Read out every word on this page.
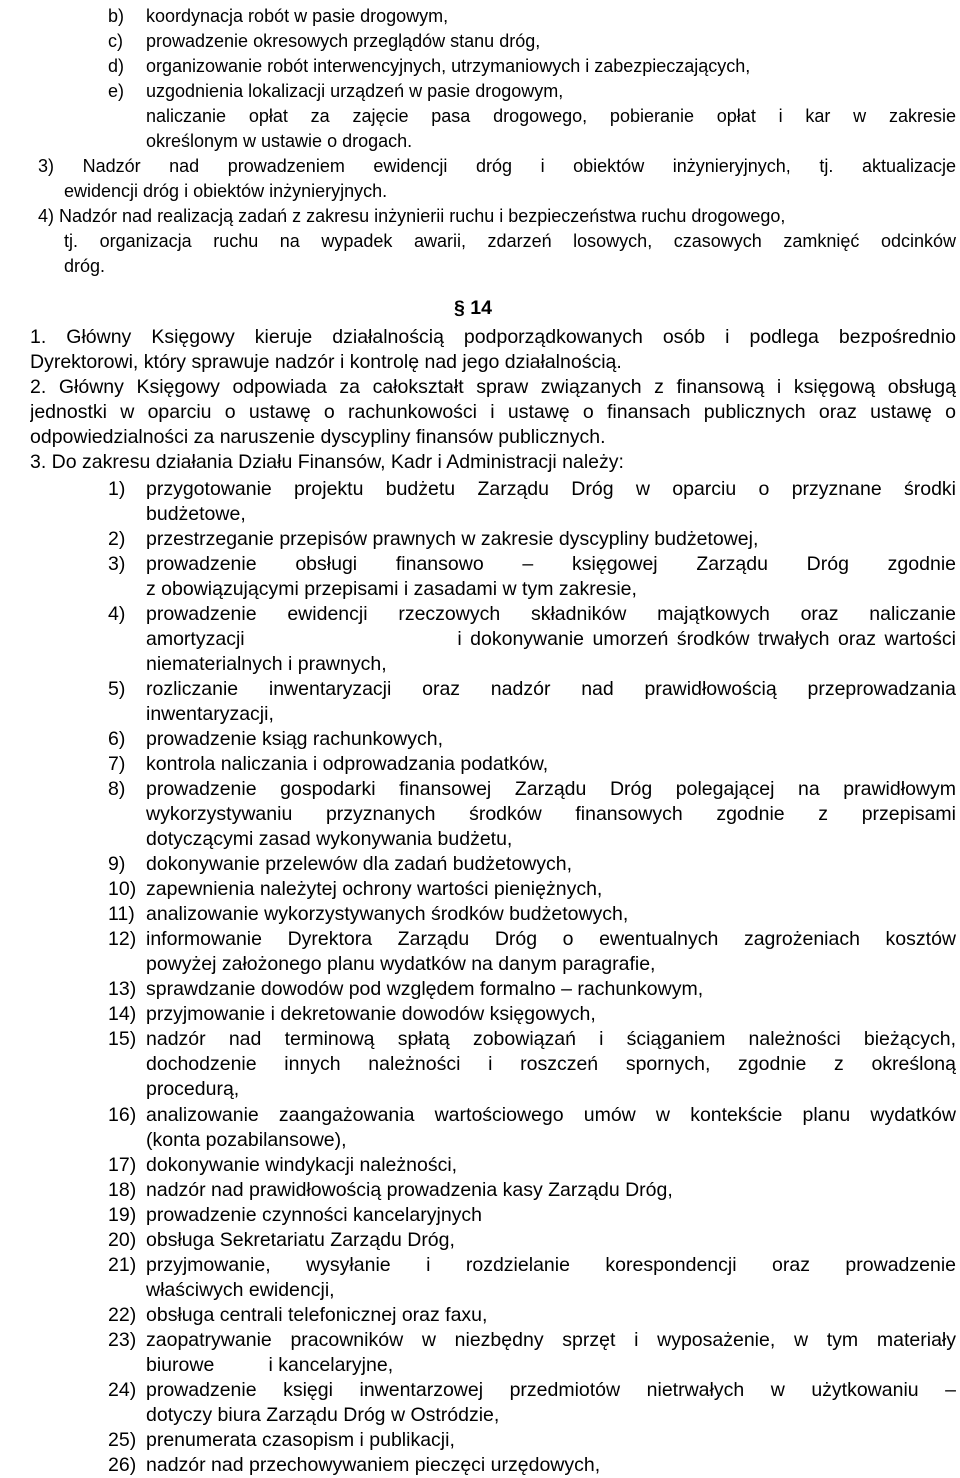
b) koordynacja robót w pasie drogowym,
c) prowadzenie okresowych przeglądów stanu dróg,
d) organizowanie robót interwencyjnych, utrzymaniowych i zabezpieczających,
e) uzgodnienia lokalizacji urządzeń w pasie drogowym,
naliczanie opłat za zajęcie pasa drogowego, pobieranie opłat i kar w zakresie
określonym w ustawie o drogach.
3) Nadzór nad prowadzeniem ewidencji dróg i obiektów inżynieryjnych, tj. aktualizacje
ewidencji dróg i obiektów inżynieryjnych.
4) Nadzór nad realizacją zadań z zakresu inżynierii ruchu i bezpieczeństwa ruchu drogowego,
tj. organizacja ruchu na wypadek awarii, zdarzeń losowych, czasowych zamknięć odcinków
dróg.
§ 14
1. Główny Księgowy kieruje działalnością podporządkowanych osób i podlega bezpośrednio
Dyrektorowi, który sprawuje nadzór i kontrolę nad jego działalnością.
2. Główny Księgowy odpowiada za całokształt spraw związanych z finansową i księgową obsługą
jednostki w oparciu o ustawę o rachunkowości i ustawę o finansach publicznych oraz ustawę o
odpowiedzialności za naruszenie dyscypliny finansów publicznych.
3. Do zakresu działania Działu Finansów, Kadr i Administracji należy:
1) przygotowanie projektu budżetu Zarządu Dróg w oparciu o przyznane środki
budżetowe,
2) przestrzeganie przepisów prawnych w zakresie dyscypliny budżetowej,
3) prowadzenie obsługi finansowo – księgowej Zarządu Dróg zgodnie
z obowiązującymi przepisami i zasadami w tym zakresie,
4) prowadzenie ewidencji rzeczowych składników majątkowych oraz naliczanie
amortyzacji                         i dokonywanie umorzeń środków trwałych oraz wartości
niematerialnych i prawnych,
5) rozliczanie inwentaryzacji oraz nadzór nad prawidłowością przeprowadzania
inwentaryzacji,
6) prowadzenie ksiąg rachunkowych,
7) kontrola naliczania i odprowadzania podatków,
8) prowadzenie gospodarki finansowej Zarządu Dróg polegającej na prawidłowym
wykorzystywaniu przyznanych środków finansowych zgodnie z przepisami
dotyczącymi zasad wykonywania budżetu,
9) dokonywanie przelewów dla zadań budżetowych,
10) zapewnienia należytej ochrony wartości pieniężnych,
11) analizowanie wykorzystywanych środków budżetowych,
12) informowanie Dyrektora Zarządu Dróg o ewentualnych zagrożeniach kosztów
powyżej założonego planu wydatków na danym paragrafie,
13) sprawdzanie dowodów pod względem formalno – rachunkowym,
14) przyjmowanie i dekretowanie dowodów księgowych,
15) nadzór nad terminową spłatą zobowiązań i ściąganiem należności bieżących,
dochodzenie innych należności i roszczeń spornych, zgodnie z określoną
procedurą,
16) analizowanie zaangażowania wartościowego umów w kontekście planu wydatków
(konta pozabilansowe),
17) dokonywanie windykacji należności,
18) nadzór nad prawidłowością prowadzenia kasy Zarządu Dróg,
19) prowadzenie czynności kancelaryjnych
20) obsługa Sekretariatu Zarządu Dróg,
21) przyjmowanie, wysyłanie i rozdzielanie korespondencji oraz prowadzenie
właściwych ewidencji,
22) obsługa centrali telefonicznej oraz faxu,
23) zaopatrywanie pracowników w niezbędny sprzęt i wyposażenie, w tym materiały
biurowe          i kancelaryjne,
24) prowadzenie księgi inwentarzowej przedmiotów nietrwałych w użytkowaniu –
dotyczy biura Zarządu Dróg w Ostródzie,
25) prenumerata czasopism i publikacji,
26) nadzór nad przechowywaniem pieczęci urzędowych,
